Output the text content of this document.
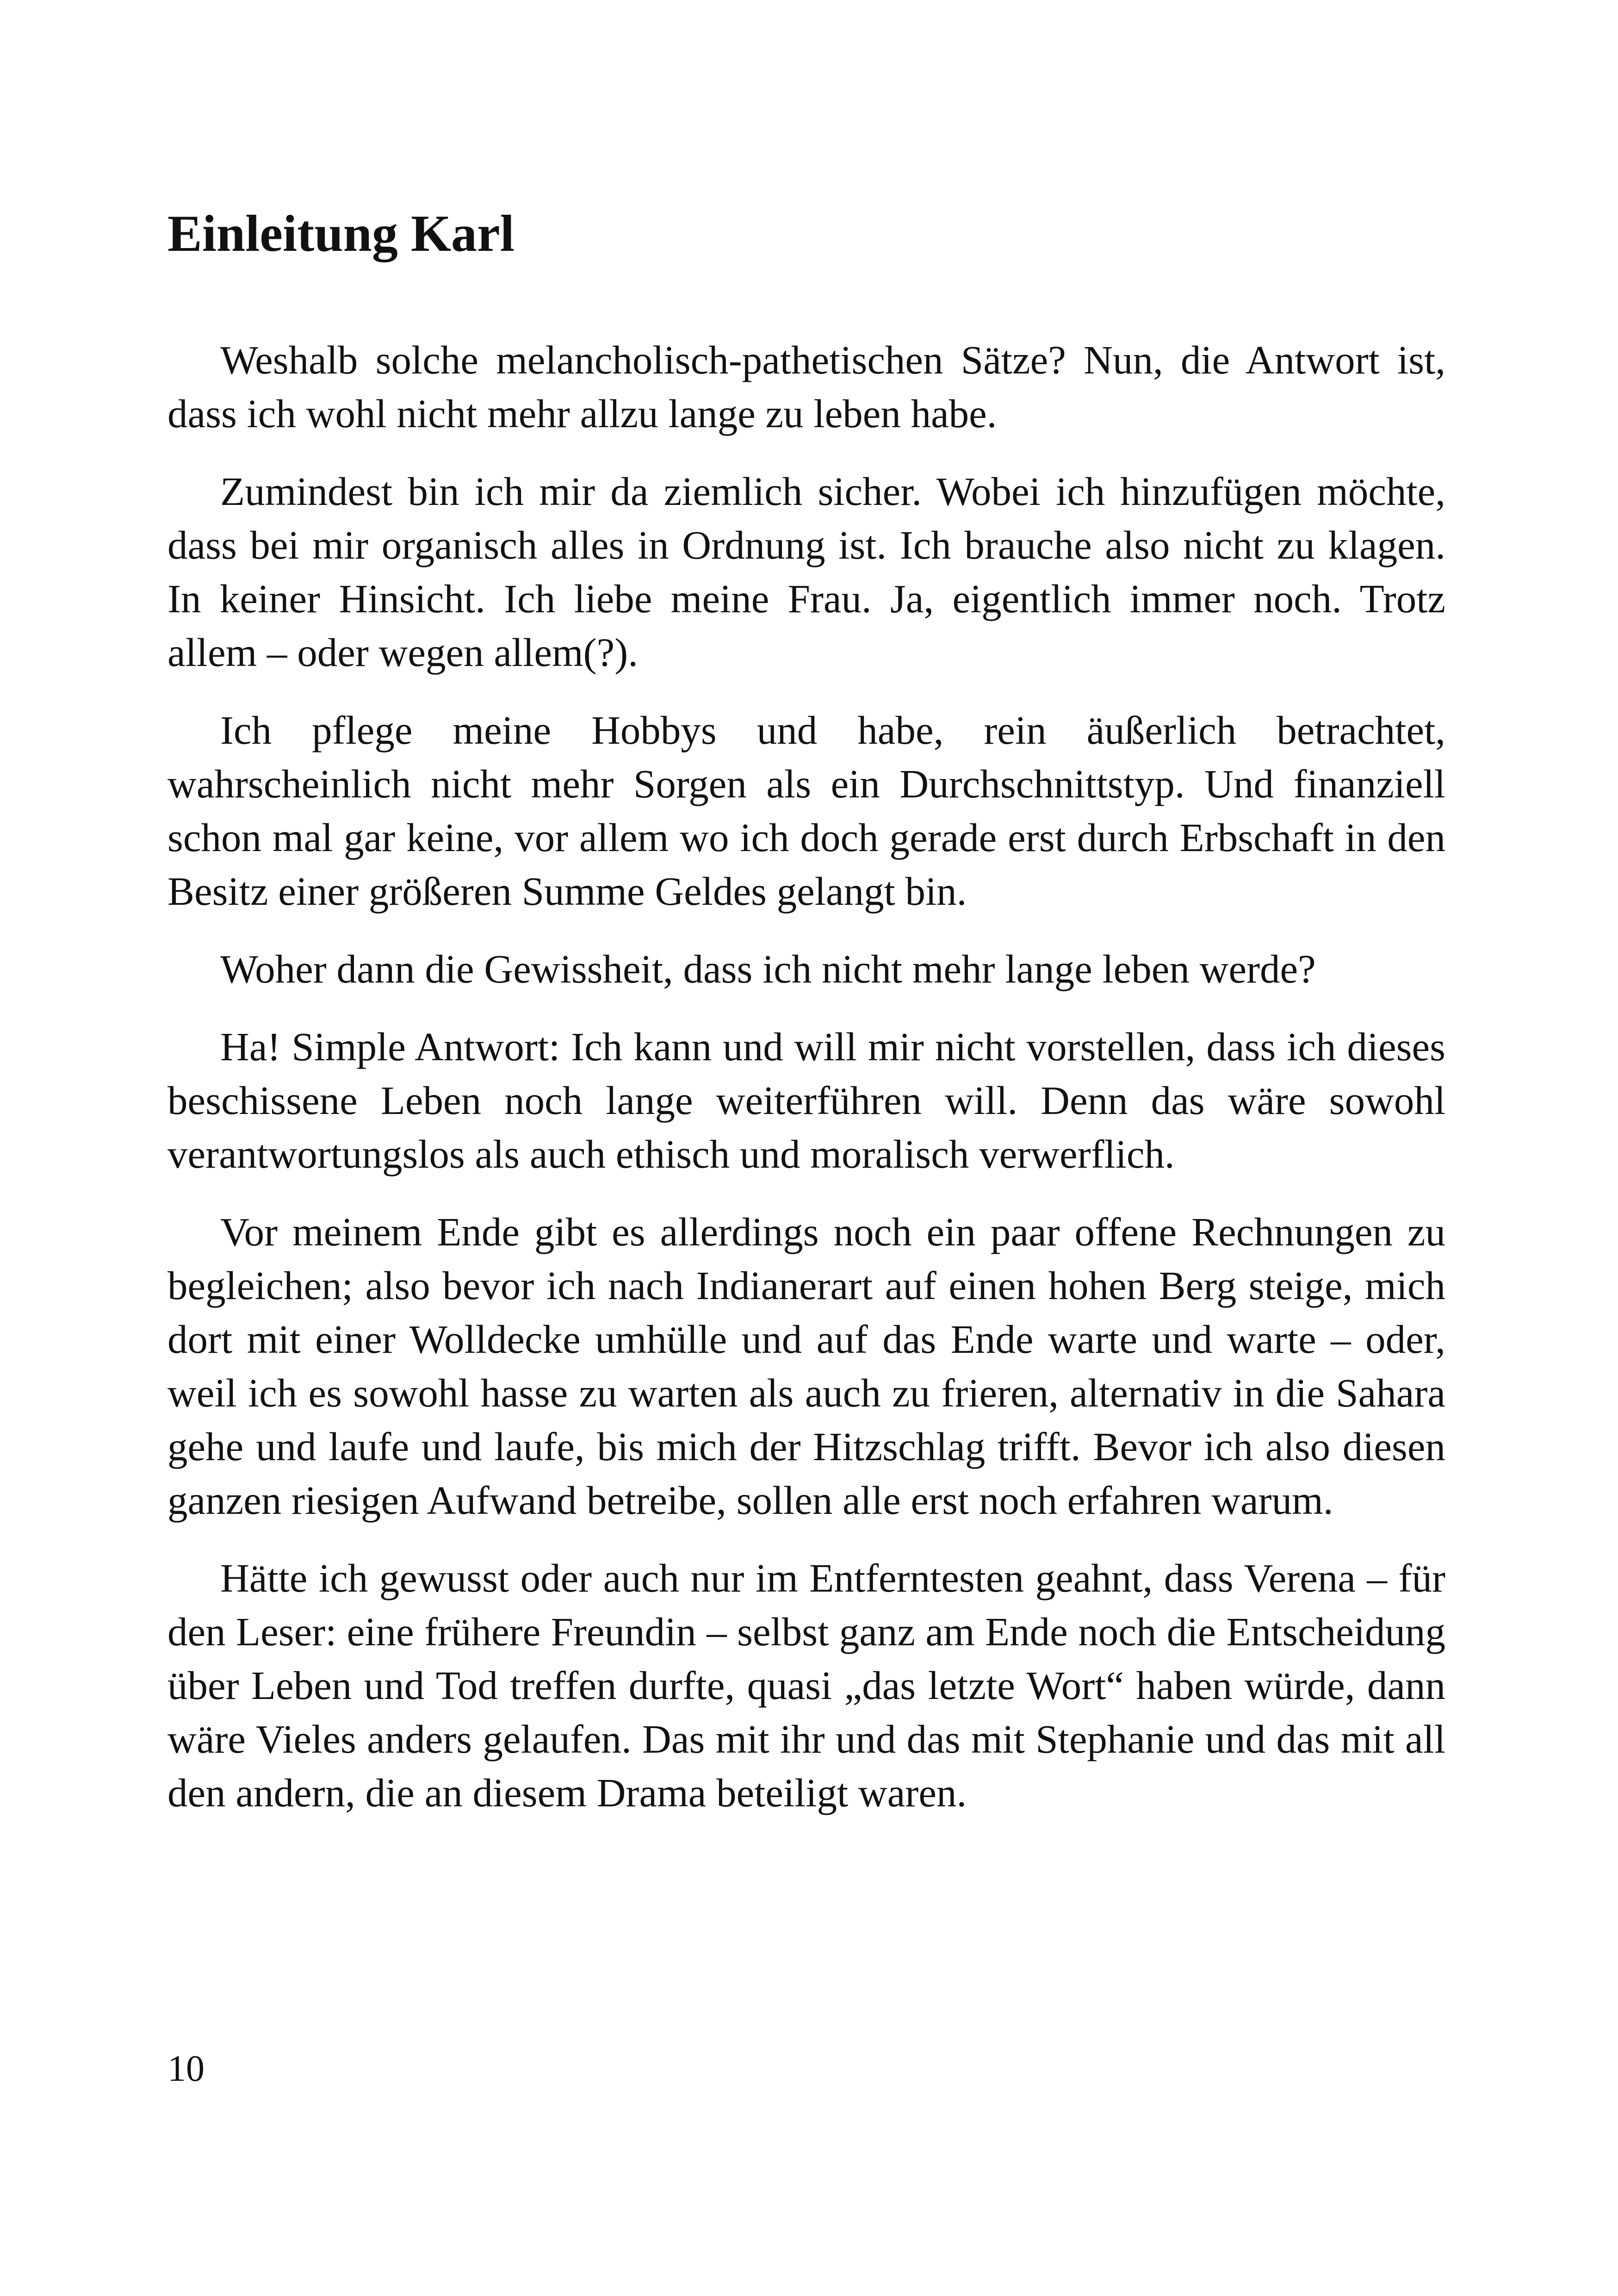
Einleitung Karl

Weshalb solche melancholisch-pathetischen Sätze? Nun, die Antwort ist, dass ich wohl nicht mehr allzu lange zu leben habe.

Zumindest bin ich mir da ziemlich sicher. Wobei ich hinzufügen möchte, dass bei mir organisch alles in Ordnung ist. Ich brauche also nicht zu klagen. In keiner Hinsicht. Ich liebe meine Frau. Ja, eigentlich immer noch. Trotz allem – oder wegen allem(?).

Ich pflege meine Hobbys und habe, rein äußerlich betrachtet, wahrscheinlich nicht mehr Sorgen als ein Durchschnittstyp. Und finanziell schon mal gar keine, vor allem wo ich doch gerade erst durch Erbschaft in den Besitz einer größeren Summe Geldes gelangt bin.

Woher dann die Gewissheit, dass ich nicht mehr lange leben werde?

Ha! Simple Antwort: Ich kann und will mir nicht vorstellen, dass ich dieses beschissene Leben noch lange weiterführen will. Denn das wäre sowohl verantwortungslos als auch ethisch und moralisch verwerflich.

Vor meinem Ende gibt es allerdings noch ein paar offene Rechnungen zu begleichen; also bevor ich nach Indianerart auf einen hohen Berg steige, mich dort mit einer Wolldecke umhülle und auf das Ende warte und warte – oder, weil ich es sowohl hasse zu warten als auch zu frieren, alternativ in die Sahara gehe und laufe und laufe, bis mich der Hitzschlag trifft. Bevor ich also diesen ganzen riesigen Aufwand betreibe, sollen alle erst noch erfahren warum.

Hätte ich gewusst oder auch nur im Entferntesten geahnt, dass Verena – für den Leser: eine frühere Freundin – selbst ganz am Ende noch die Entscheidung über Leben und Tod treffen durfte, quasi „das letzte Wort“ haben würde, dann wäre Vieles anders gelaufen. Das mit ihr und das mit Stephanie und das mit all den andern, die an diesem Drama beteiligt waren.

10
